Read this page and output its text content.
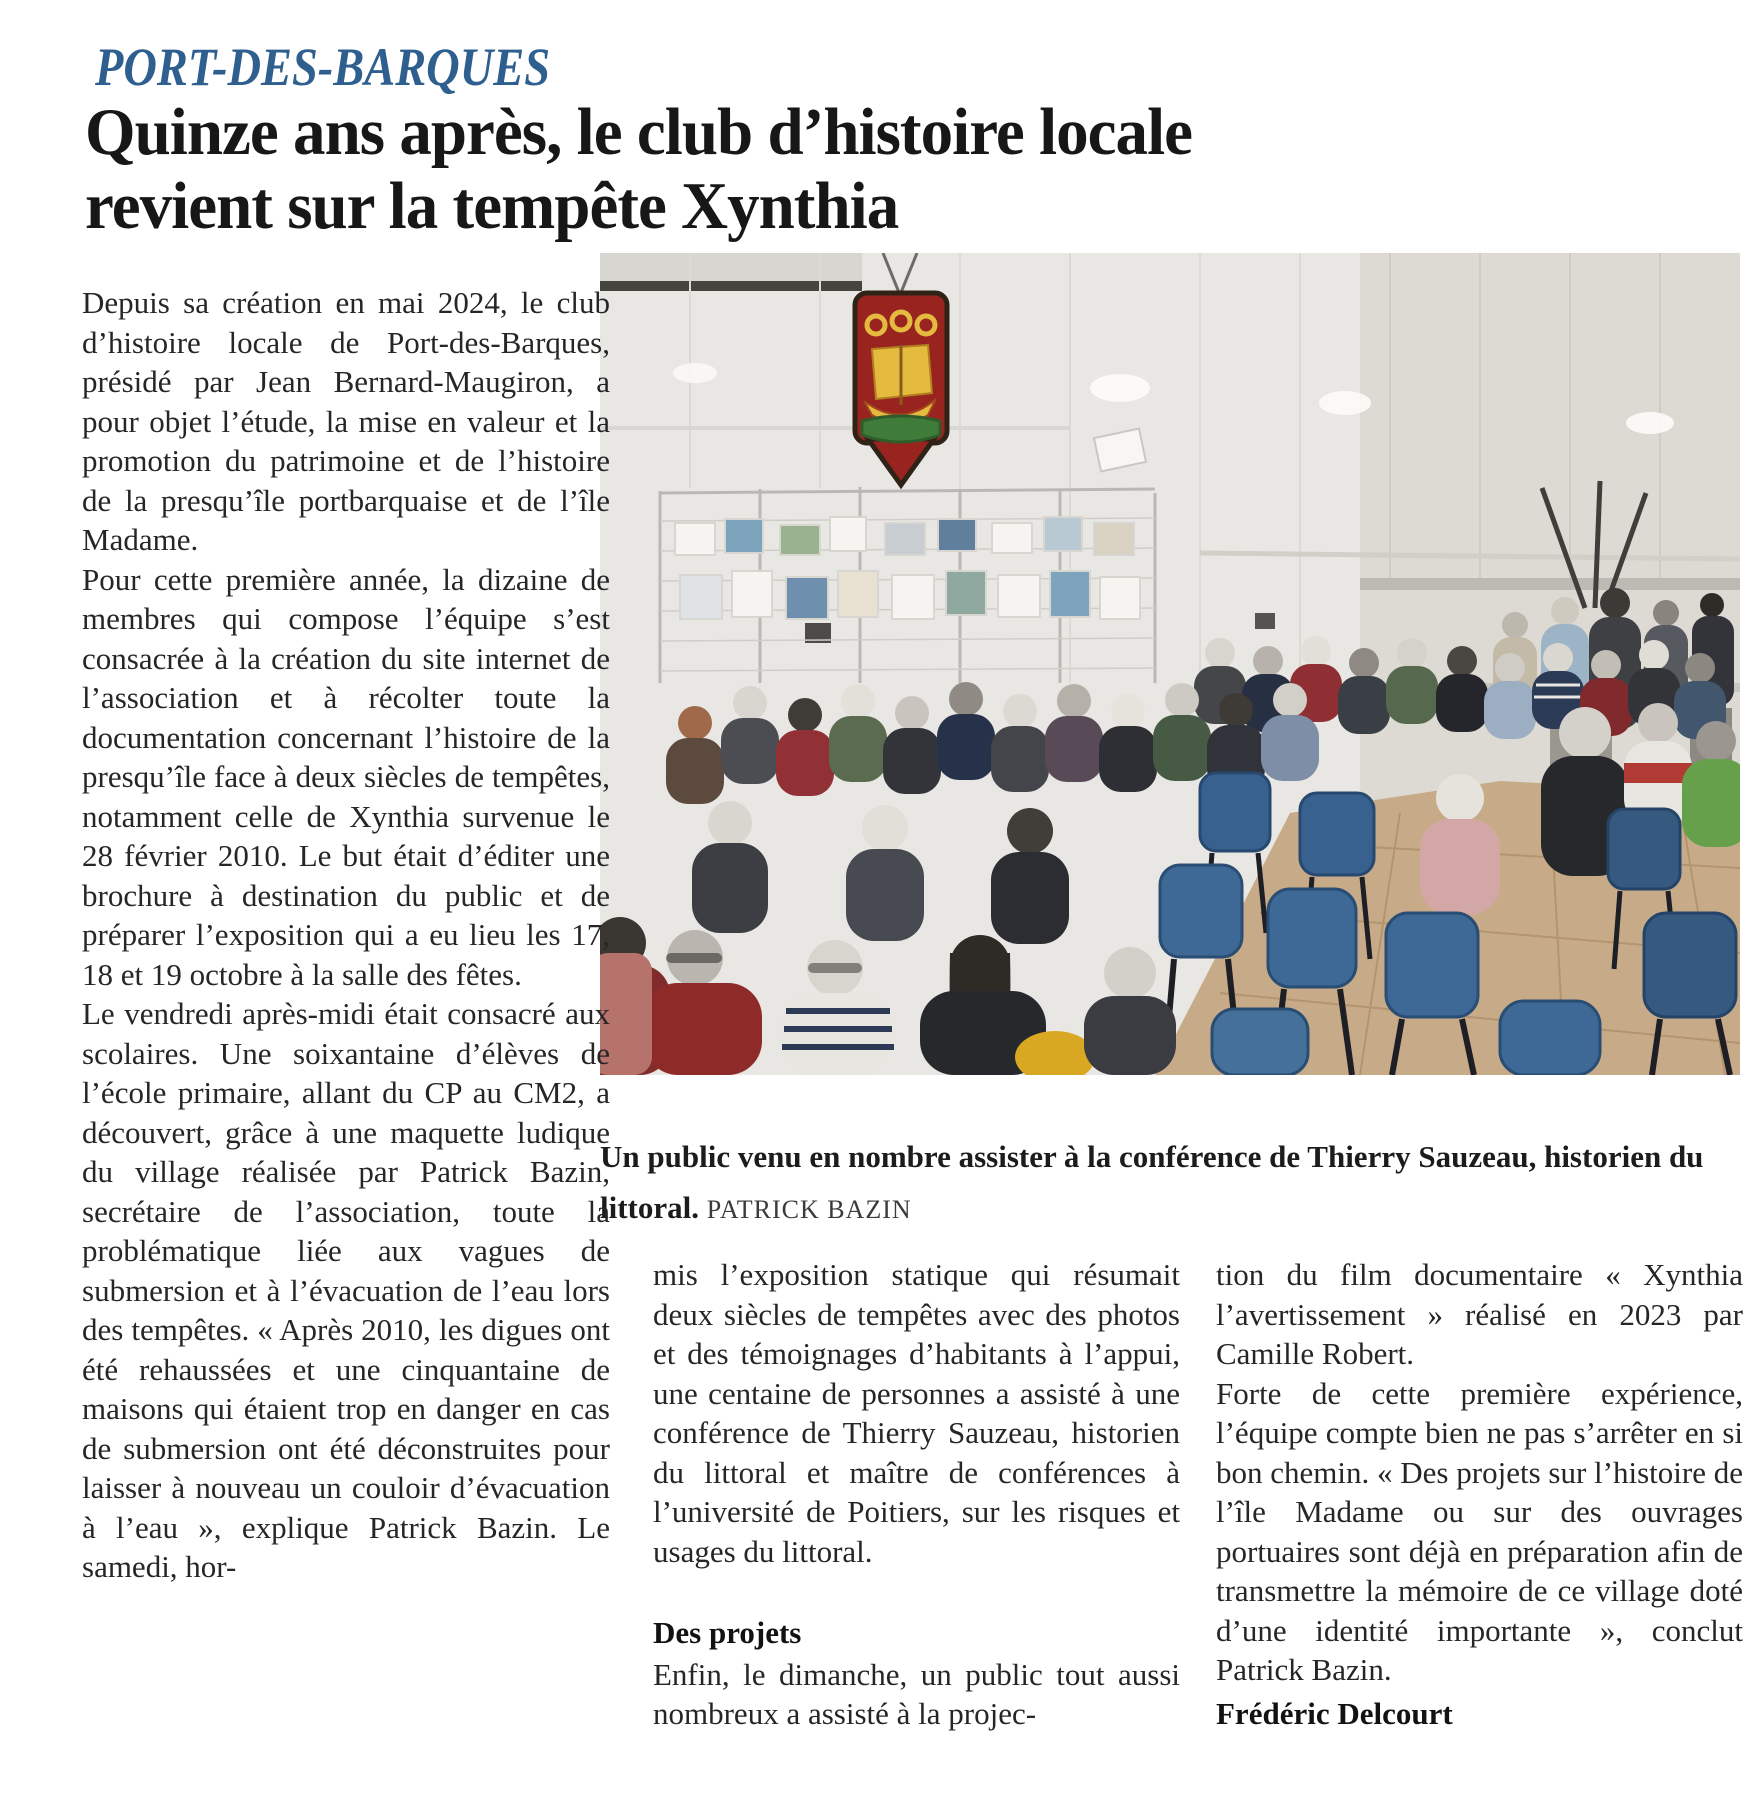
PORT-DES-BARQUES
Quinze ans après, le club d’histoire locale
revient sur la tempête Xynthia

Un public venu en nombre assister à la conférence de Thierry Sauzeau, historien du littoral. PATRICK BAZIN

Depuis sa création en mai 2024, le club d’histoire locale de Port-des-Barques, présidé par Jean Bernard-Maugiron, a pour objet l’étude, la mise en valeur et la promotion du patrimoine et de l’histoire de la presqu’île portbarquaise et de l’île Madame.

Pour cette première année, la dizaine de membres qui compose l’équipe s’est consacrée à la création du site internet de l’association et à récolter toute la documentation concernant l’histoire de la presqu’île face à deux siècles de tempêtes, notamment celle de Xynthia survenue le 28 février 2010. Le but était d’éditer une brochure à destination du public et de préparer l’exposition qui a eu lieu les 17, 18 et 19 octobre à la salle des fêtes.

Le vendredi après-midi était consacré aux scolaires. Une soixantaine d’élèves de l’école primaire, allant du CP au CM2, a découvert, grâce à une maquette ludique du village réalisée par Patrick Bazin, secrétaire de l’association, toute la problématique liée aux vagues de submersion et à l’évacuation de l’eau lors des tempêtes. « Après 2010, les digues ont été rehaussées et une cinquantaine de maisons qui étaient trop en danger en cas de submersion ont été déconstruites pour laisser à nouveau un couloir d’évacuation à l’eau », explique Patrick Bazin. Le samedi, hor-

mis l’exposition statique qui résumait deux siècles de tempêtes avec des photos et des témoignages d’habitants à l’appui, une centaine de personnes a assisté à une conférence de Thierry Sauzeau, historien du littoral et maître de conférences à l’université de Poitiers, sur les risques et usages du littoral.

Des projets

Enfin, le dimanche, un public tout aussi nombreux a assisté à la projec-

tion du film documentaire « Xynthia l’avertissement » réalisé en 2023 par Camille Robert.

Forte de cette première expérience, l’équipe compte bien ne pas s’arrêter en si bon chemin. « Des projets sur l’histoire de l’île Madame ou sur des ouvrages portuaires sont déjà en préparation afin de transmettre la mémoire de ce village doté d’une identité importante », conclut Patrick Bazin.

Frédéric Delcourt
